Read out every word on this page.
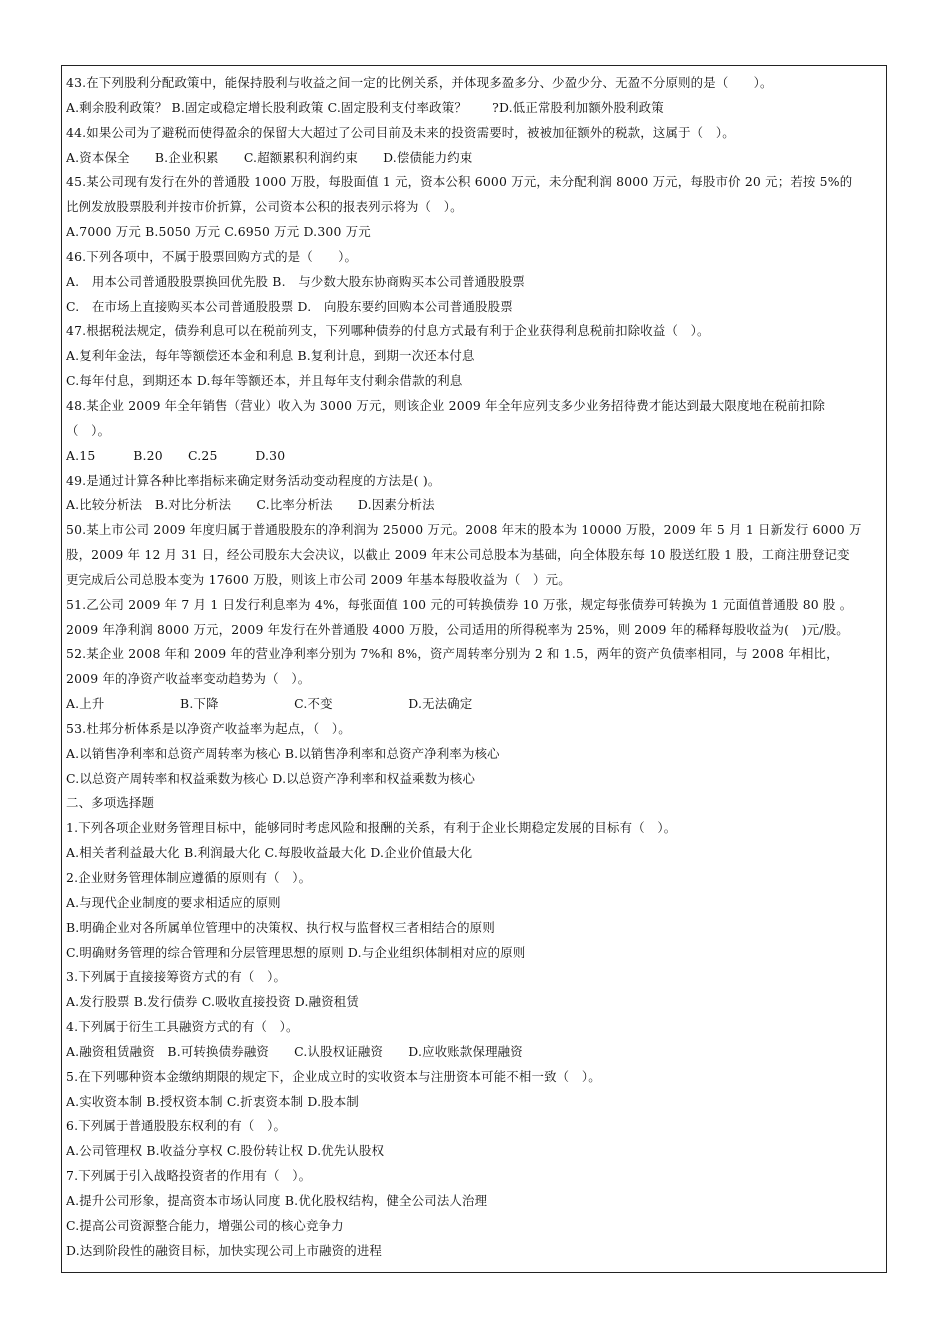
43.在下列股利分配政策中，能保持股利与收益之间一定的比例关系，并体现多盈多分、少盈少分、无盈不分原则的是（　　）。
A.剩余股利政策？ B.固定或稳定增长股利政策 C.固定股利支付率政策？　　?D.低正常股利加额外股利政策
44.如果公司为了避税而使得盈余的保留大大超过了公司目前及未来的投资需要时，被被加征额外的税款，这属于（　）。
A.资本保全　　B.企业积累　　C.超额累积利润约束　　D.偿债能力约束
45.某公司现有发行在外的普通股 1000 万股，每股面值 1 元，资本公积 6000 万元，未分配利润 8000 万元，每股市价 20 元；若按 5%的
比例发放股票股利并按市价折算，公司资本公积的报表列示将为（　）。
A.7000 万元 B.5050 万元 C.6950 万元 D.300 万元
46.下列各项中，不属于股票回购方式的是（　　）。
A.　用本公司普通股股票换回优先股 B.　与少数大股东协商购买本公司普通股股票
C.　在市场上直接购买本公司普通股股票 D.　向股东要约回购本公司普通股股票
47.根据税法规定，债券利息可以在税前列支，下列哪种债券的付息方式最有利于企业获得利息税前扣除收益（　）。
A.复利年金法，每年等额偿还本金和利息 B.复利计息，到期一次还本付息
C.每年付息，到期还本 D.每年等额还本，并且每年支付剩余借款的利息
48.某企业 2009 年全年销售（营业）收入为 3000 万元，则该企业 2009 年全年应列支多少业务招待费才能达到最大限度地在税前扣除
（　）。
A.15　　　B.20　　C.25　　　D.30
49.是通过计算各种比率指标来确定财务活动变动程度的方法是( )。
A.比较分析法　B.对比分析法　　C.比率分析法　　D.因素分析法
50.某上市公司 2009 年度归属于普通股股东的净利润为 25000 万元。2008 年末的股本为 10000 万股，2009 年 5 月 1 日新发行 6000 万
股，2009 年 12 月 31 日，经公司股东大会决议，以截止 2009 年末公司总股本为基础，向全体股东每 10 股送红股 1 股，工商注册登记变
更完成后公司总股本变为 17600 万股，则该上市公司 2009 年基本每股收益为（　）元。
51.乙公司 2009 年 7 月 1 日发行利息率为 4%，每张面值 100 元的可转换债券 10 万张，规定每张债券可转换为 1 元面值普通股 80 股 。
2009 年净利润 8000 万元，2009 年发行在外普通股 4000 万股，公司适用的所得税率为 25%，则 2009 年的稀释每股收益为(　)元/股。
52.某企业 2008 年和 2009 年的营业净利率分别为 7%和 8%，资产周转率分别为 2 和 1.5，两年的资产负债率相同，与 2008 年相比，
2009 年的净资产收益率变动趋势为（　）。
A.上升　　　　　　B.下降　　　　　　C.不变　　　　　　D.无法确定
53.杜邦分析体系是以净资产收益率为起点，（　）。
A.以销售净利率和总资产周转率为核心 B.以销售净利率和总资产净利率为核心
C.以总资产周转率和权益乘数为核心 D.以总资产净利率和权益乘数为核心
二、多项选择题
1.下列各项企业财务管理目标中，能够同时考虑风险和报酬的关系，有利于企业长期稳定发展的目标有（　）。
A.相关者利益最大化 B.利润最大化 C.每股收益最大化 D.企业价值最大化
2.企业财务管理体制应遵循的原则有（　）。
A.与现代企业制度的要求相适应的原则
B.明确企业对各所属单位管理中的决策权、执行权与监督权三者相结合的原则
C.明确财务管理的综合管理和分层管理思想的原则 D.与企业组织体制相对应的原则
3.下列属于直接接筹资方式的有（　）。
A.发行股票 B.发行债券 C.吸收直接投资 D.融资租赁
4.下列属于衍生工具融资方式的有（　）。
A.融资租赁融资　B.可转换债券融资　　C.认股权证融资　　D.应收账款保理融资
5.在下列哪种资本金缴纳期限的规定下，企业成立时的实收资本与注册资本可能不相一致（　）。
A.实收资本制 B.授权资本制 C.折衷资本制 D.股本制
6.下列属于普通股股东权利的有（　）。
A.公司管理权 B.收益分享权 C.股份转让权 D.优先认股权
7.下列属于引入战略投资者的作用有（　）。
A.提升公司形象，提高资本市场认同度 B.优化股权结构，健全公司法人治理
C.提高公司资源整合能力，增强公司的核心竞争力
D.达到阶段性的融资目标，加快实现公司上市融资的进程
